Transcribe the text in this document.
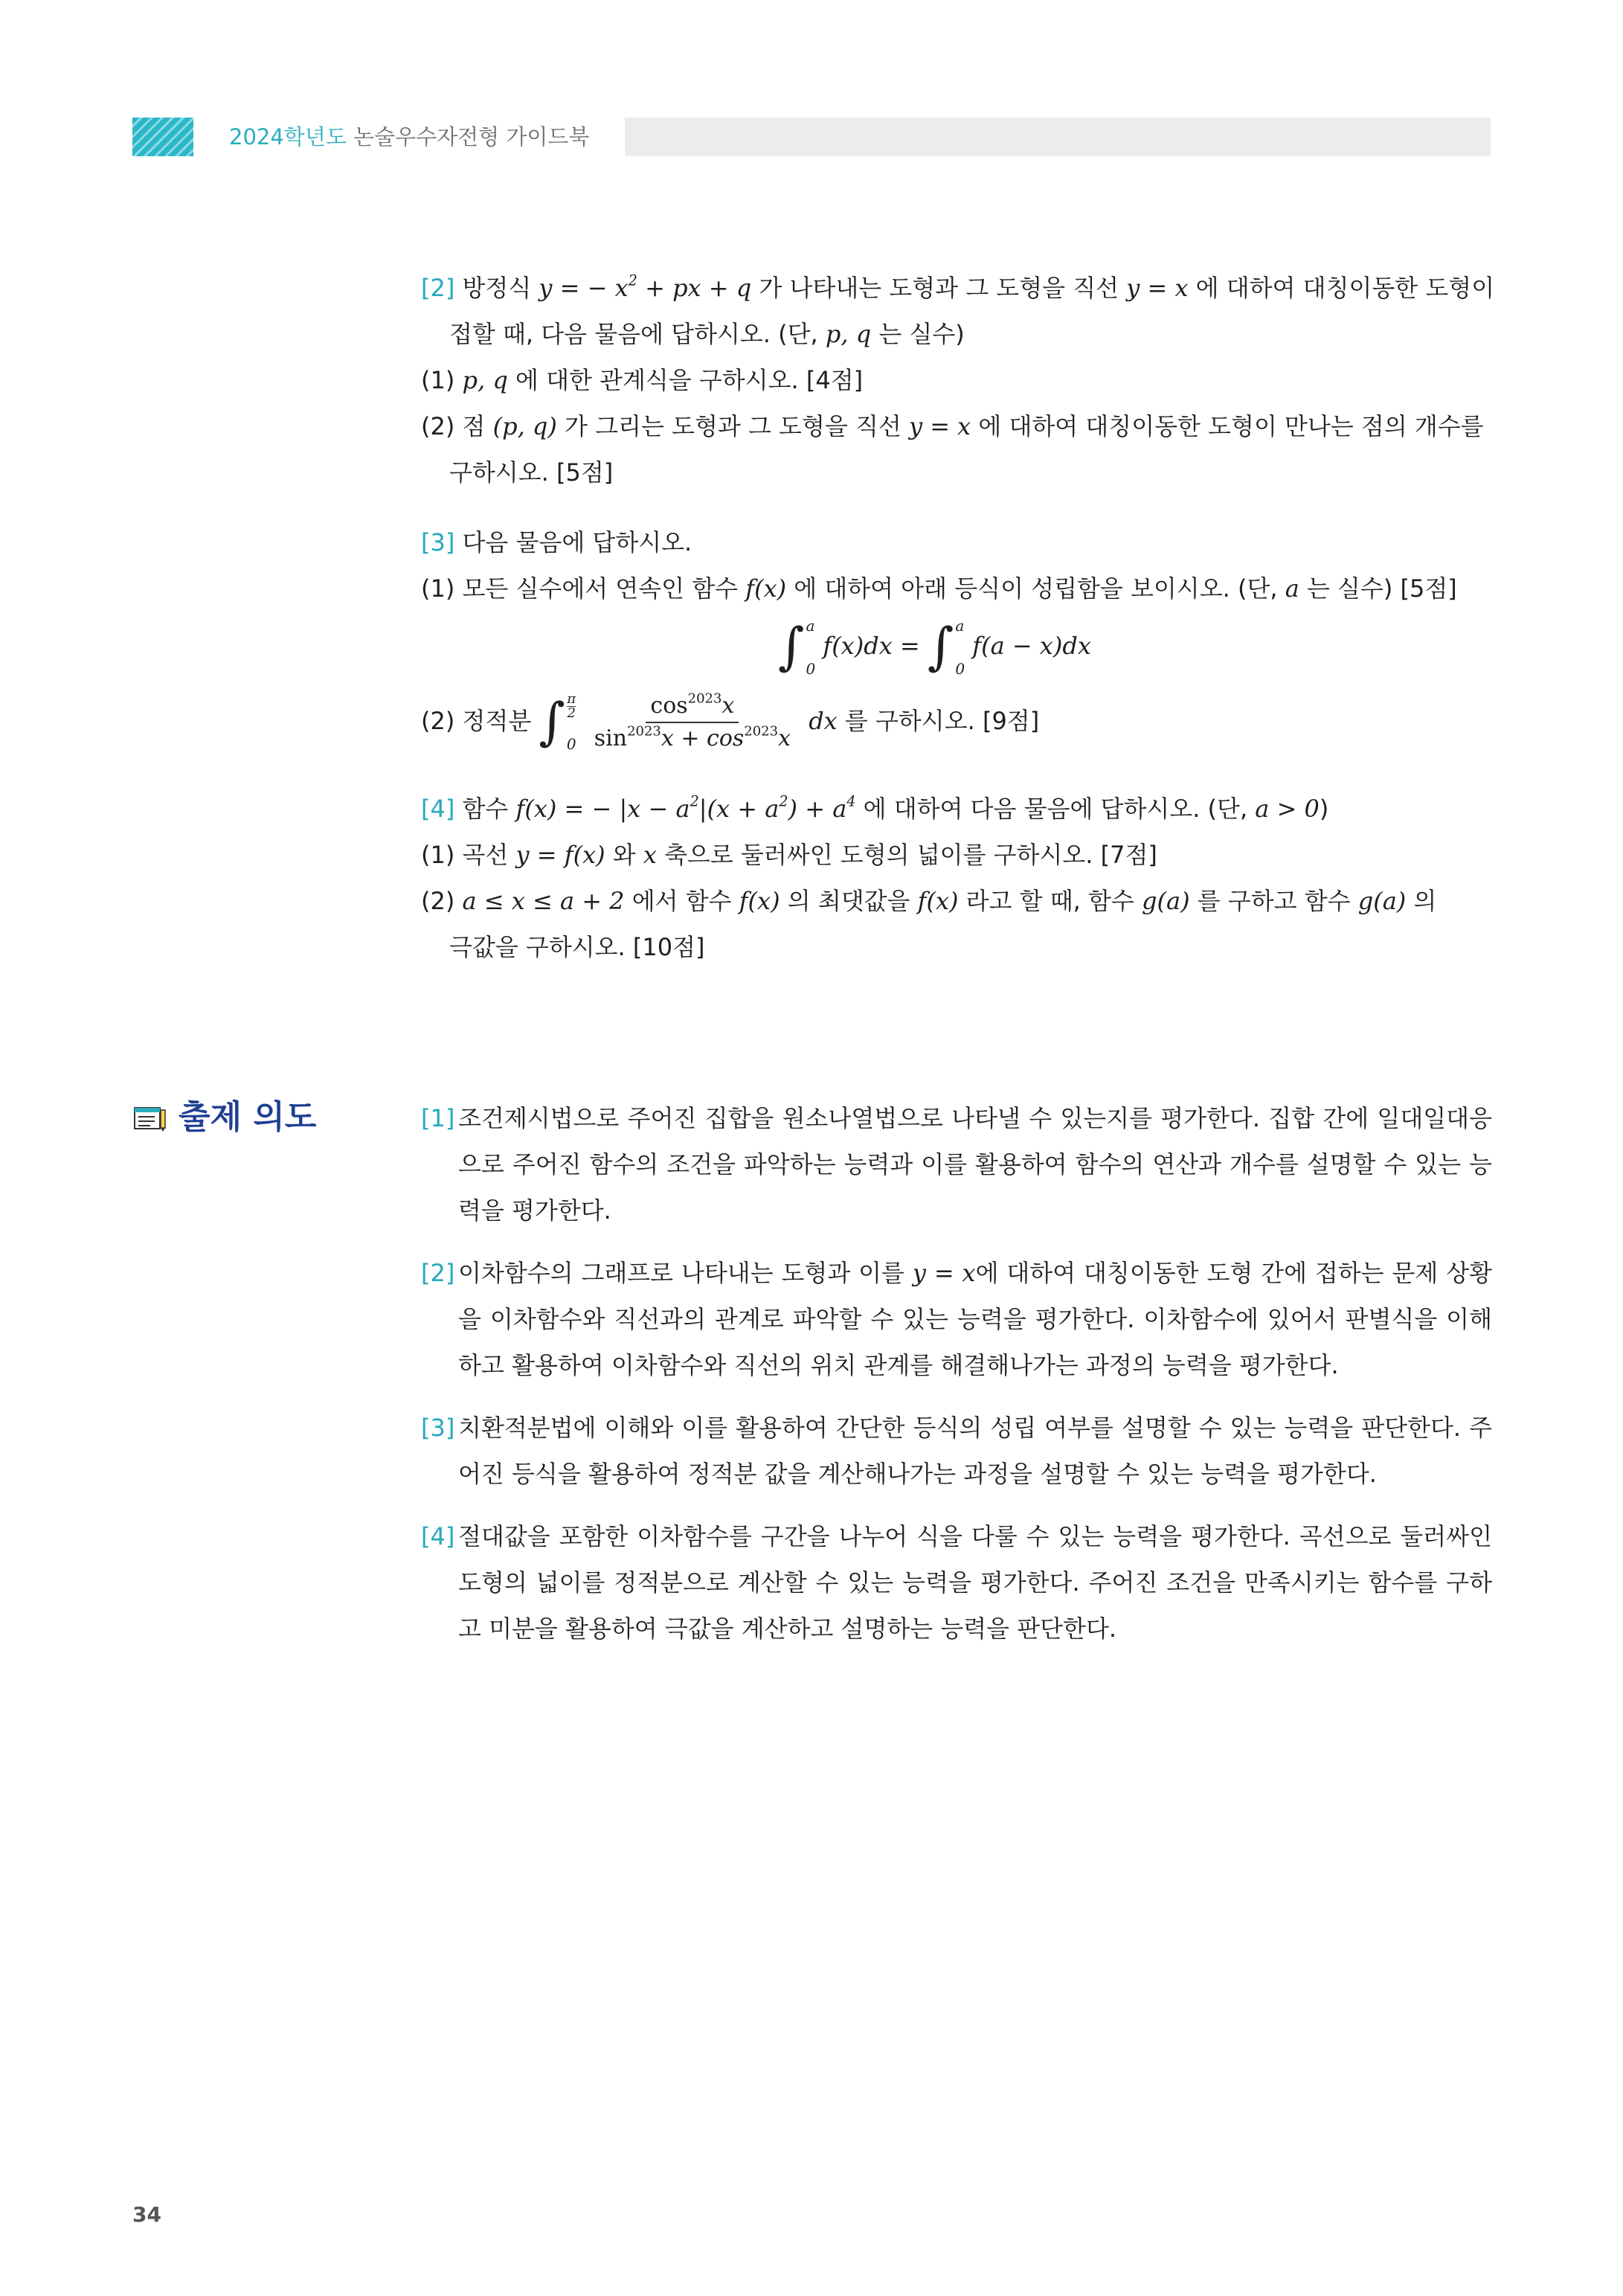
2024학년도 논술우수자전형 가이드북
[2] 방정식 y = − $x^2$ + px + q 가 나타내는 도형과 그 도형을 직선 y = x 에 대하여 대칭이동한 도형이
접할 때, 다음 물음에 답하시오. (단, p, q 는 실수)
(1) p, q 에 대한 관계식을 구하시오. [4점]
(2) 점 (p, q) 가 그리는 도형과 그 도형을 직선 y = x 에 대하여 대칭이동한 도형이 만나는 점의 개수를
구하시오. [5점]
[3] 다음 물음에 답하시오.
(1) 모든 실수에서 연속인 함수 f(x) 에 대하여 아래 등식이 성립함을 보이시오. (단, a 는 실수) [5점]
∫ a
0
f(x)dx = ∫ a
0
f(a − x)dx
(2) 정적분 ∫ $\frac{\pi}{2}$
0
$\frac{\cos^{2023}x}{\sin^{2023}x + \cos^{2023}x}$ dx 를 구하시오. [9점]
[4] 함수 f(x) = − $|x - a^2|(x + a^2) + a^4$ 에 대하여 다음 물음에 답하시오. (단, a > 0)
(1) 곡선 y = f(x) 와 x 축으로 둘러싸인 도형의 넓이를 구하시오. [7점]
(2) a ≤ x ≤ a + 2 에서 함수 f(x) 의 최댓값을 f(x) 라고 할 때, 함수 g(a) 를 구하고 함수 g(a) 의
극값을 구하시오. [10점]
출제 의도	[1] 조건제시법으로 주어진 집합을 원소나열법으로 나타낼 수 있는지를 평가한다. 집합 간에 일대일대응으로 주어진 함수의 조건을 파악하는 능력과 이를 활용하여 함수의 연산과 개수를 설명할 수 있는 능력을 평가한다.
[2] 이차함수의 그래프로 나타내는 도형과 이를 y = x에 대하여 대칭이동한 도형 간에 접하는 문제 상황을 이차함수와 직선과의 관계로 파악할 수 있는 능력을 평가한다. 이차함수에 있어서 판별식을 이해하고 활용하여 이차함수와 직선의 위치 관계를 해결해나가는 과정의 능력을 평가한다.
[3] 치환적분법에 이해와 이를 활용하여 간단한 등식의 성립 여부를 설명할 수 있는 능력을 판단한다. 주어진 등식을 활용하여 정적분 값을 계산해나가는 과정을 설명할 수 있는 능력을 평가한다.
[4] 절대값을 포함한 이차함수를 구간을 나누어 식을 다룰 수 있는 능력을 평가한다. 곡선으로 둘러싸인 도형의 넓이를 정적분으로 계산할 수 있는 능력을 평가한다. 주어진 조건을 만족시키는 함수를 구하고 미분을 활용하여 극값을 계산하고 설명하는 능력을 판단한다.
34
